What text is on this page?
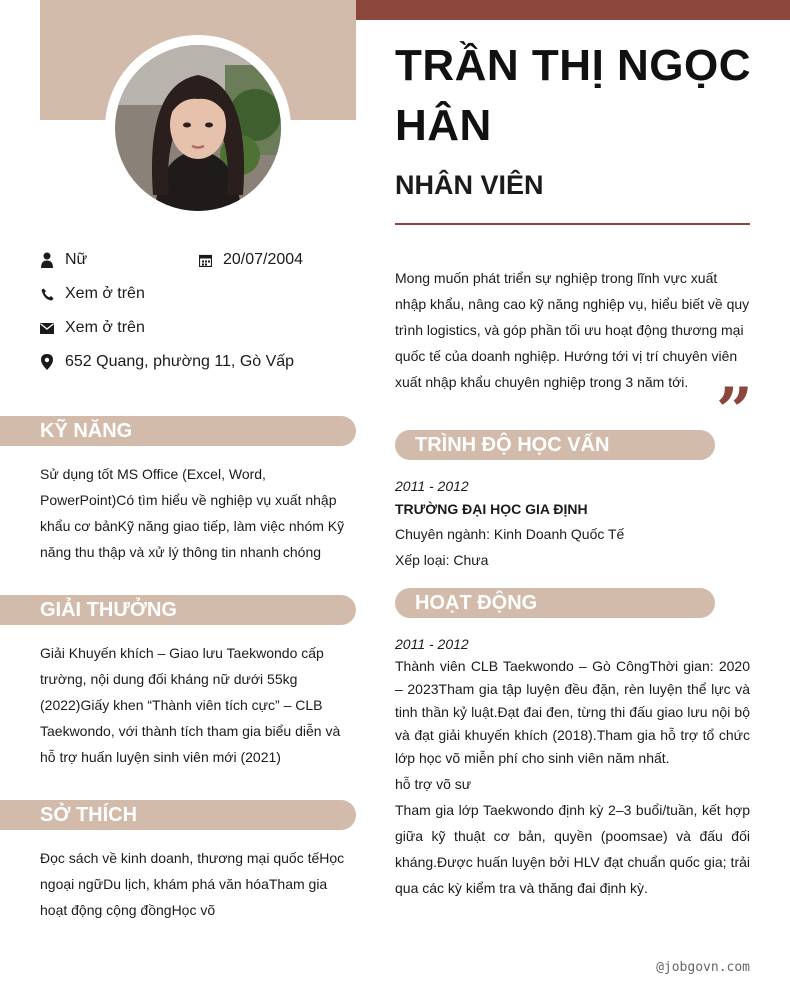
Nữ	20/07/2004
Xem ở trên
Xem ở trên
652 Quang, phường 11, Gò Vấp
KỸ NĂNG
Sử dụng tốt MS Office (Excel, Word, PowerPoint)Có tìm hiểu về nghiệp vụ xuất nhập khẩu cơ bảnKỹ năng giao tiếp, làm việc nhóm Kỹ năng thu thập và xử lý thông tin nhanh chóng
GIẢI THƯỞNG
Giải Khuyến khích – Giao lưu Taekwondo cấp trường, nội dung đối kháng nữ dưới 55kg (2022)Giấy khen “Thành viên tích cực” – CLB Taekwondo, với thành tích tham gia biểu diễn và hỗ trợ huấn luyện sinh viên mới (2021)
SỞ THÍCH
Đọc sách về kinh doanh, thương mại quốc tếHọc ngoại ngữDu lịch, khám phá văn hóaTham gia hoạt động cộng đồngHọc võ
TRẦN THỊ NGỌC HÂN
NHÂN VIÊN
Mong muốn phát triển sự nghiệp trong lĩnh vực xuất nhập khẩu, nâng cao kỹ năng nghiệp vụ, hiểu biết về quy trình logistics, và góp phần tối ưu hoạt động thương mại quốc tế của doanh nghiệp. Hướng tới vị trí chuyên viên xuất nhập khẩu chuyên nghiệp trong 3 năm tới. ”
TRÌNH ĐỘ HỌC VẤN
2011 - 2012
TRƯỜNG ĐẠI HỌC GIA ĐỊNH
Chuyên ngành: Kinh Doanh Quốc Tế
Xếp loại: Chưa
HOẠT ĐỘNG
2011 - 2012
Thành viên CLB Taekwondo – Gò CôngThời gian: 2020 – 2023Tham gia tập luyện đều đặn, rèn luyện thể lực và tinh thần kỷ luật.Đạt đai đen, từng thi đấu giao lưu nội bộ và đạt giải khuyến khích (2018).Tham gia hỗ trợ tổ chức lớp học võ miễn phí cho sinh viên năm nhất.
hỗ trợ võ sư
Tham gia lớp Taekwondo định kỳ 2–3 buổi/tuần, kết hợp giữa kỹ thuật cơ bản, quyền (poomsae) và đấu đối kháng.Được huấn luyện bởi HLV đạt chuẩn quốc gia; trải qua các kỳ kiểm tra và thăng đai định kỳ.
@jobgovn.com
